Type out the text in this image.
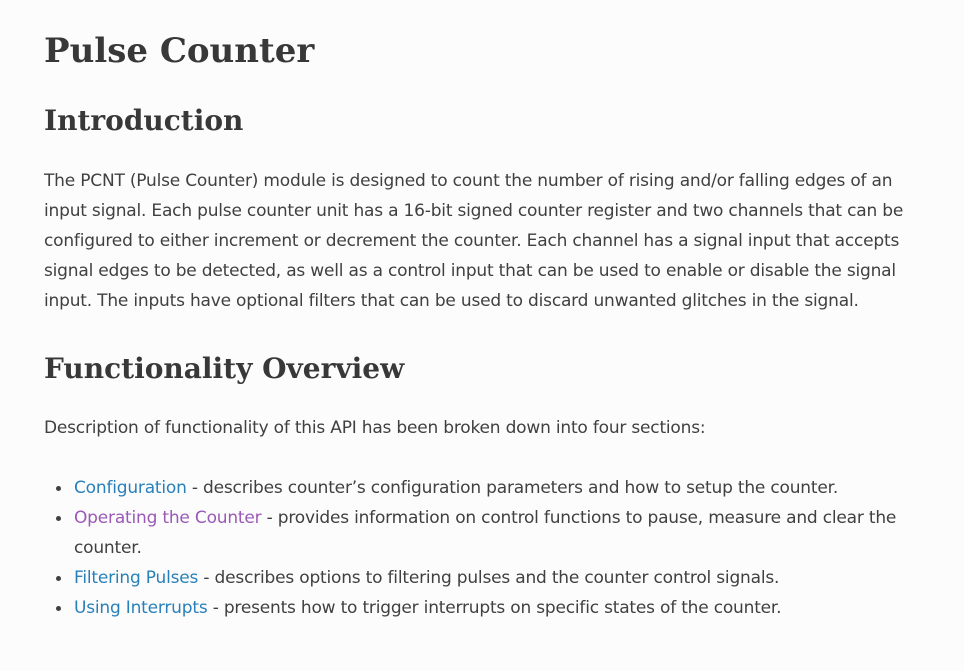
Pulse Counter
Introduction

The PCNT (Pulse Counter) module is designed to count the number of rising and/or falling edges of an input signal. Each pulse counter unit has a 16-bit signed counter register and two channels that can be configured to either increment or decrement the counter. Each channel has a signal input that accepts signal edges to be detected, as well as a control input that can be used to enable or disable the signal input. The inputs have optional filters that can be used to discard unwanted glitches in the signal.

Functionality Overview

Description of functionality of this API has been broken down into four sections:

Configuration - describes counter’s configuration parameters and how to setup the counter.
Operating the Counter - provides information on control functions to pause, measure and clear the counter.
Filtering Pulses - describes options to filtering pulses and the counter control signals.
Using Interrupts - presents how to trigger interrupts on specific states of the counter.
